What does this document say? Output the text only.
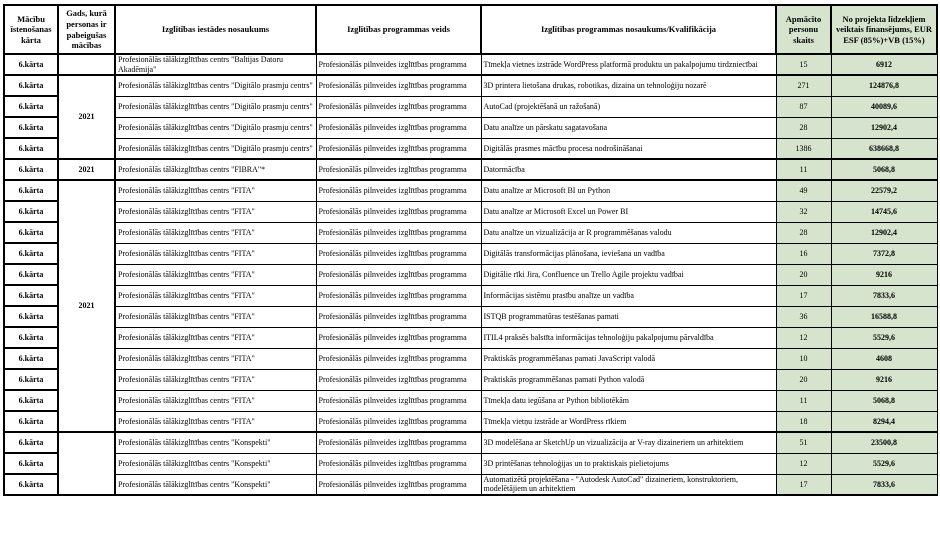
Mācību īstenošanas kārta	Gads, kurā personas ir pabeigušas mācības	Izglītības iestādes nosaukums	Izglītības programmas veids	Izglītības programmas nosaukums/Kvalifikācija	Apmācīto personu skaits	No projekta līdzekļiem veiktais finansējums, EUR ESF (85%)+VB (15%)
6.kārta		Profesionālās tālākizglītības centrs "Baltijas Datoru Akadēmija"	Profesionālās pilnveides izglītības programma	Tīmekļa vietnes izstrāde WordPress platformā produktu un pakalpojumu tirdzniecībai	15	6912
6.kārta	2021	Profesionālās tālākizglītības centrs "Digitālo prasmju centrs"	Profesionālās pilnveides izglītības programma	3D printera lietošana drukas, robotikas, dizaina un tehnoloģiju nozarē	271	124876,8
6.kārta		Profesionālās tālākizglītības centrs "Digitālo prasmju centrs"	Profesionālās pilnveides izglītības programma	AutoCad (projektēšanā un ražošanā)	87	40089,6
6.kārta		Profesionālās tālākizglītības centrs "Digitālo prasmju centrs"	Profesionālās pilnveides izglītības programma	Datu analīze un pārskatu sagatavošana	28	12902,4
6.kārta		Profesionālās tālākizglītības centrs "Digitālo prasmju centrs"	Profesionālās pilnveides izglītības programma	Digitālās prasmes mācību procesa nodrošināšanai	1386	638668,8
6.kārta	2021	Profesionālās tālākizglītības centrs "FIBRA"*	Profesionālās pilnveides izglītības programma	Datormācība	11	5068,8
6.kārta	2021	Profesionālās tālākizglītības centrs "FITA"	Profesionālās pilnveides izglītības programma	Datu analīze ar Microsoft BI un Python	49	22579,2
6.kārta		Profesionālās tālākizglītības centrs "FITA"	Profesionālās pilnveides izglītības programma	Datu analīze ar Microsoft Excel un Power BI	32	14745,6
6.kārta		Profesionālās tālākizglītības centrs "FITA"	Profesionālās pilnveides izglītības programma	Datu analīze un vizualizācija ar R programmēšanas valodu	28	12902,4
6.kārta		Profesionālās tālākizglītības centrs "FITA"	Profesionālās pilnveides izglītības programma	Digitālās transformācijas plānošana, ieviešana un vadība	16	7372,8
6.kārta		Profesionālās tālākizglītības centrs "FITA"	Profesionālās pilnveides izglītības programma	Digitālie rīki Jira, Confluence un Trello Agile projektu vadībai	20	9216
6.kārta		Profesionālās tālākizglītības centrs "FITA"	Profesionālās pilnveides izglītības programma	Informācijas sistēmu prasību analīze un vadība	17	7833,6
6.kārta		Profesionālās tālākizglītības centrs "FITA"	Profesionālās pilnveides izglītības programma	ISTQB programmatūras testēšanas pamati	36	16588,8
6.kārta		Profesionālās tālākizglītības centrs "FITA"	Profesionālās pilnveides izglītības programma	ITIL4 praksēs balstīta informācijas tehnoloģiju pakalpojumu pārvaldība	12	5529,6
6.kārta		Profesionālās tālākizglītības centrs "FITA"	Profesionālās pilnveides izglītības programma	Praktiskās programmēšanas pamati JavaScript valodā	10	4608
6.kārta		Profesionālās tālākizglītības centrs "FITA"	Profesionālās pilnveides izglītības programma	Praktiskās programmēšanas pamati Python valodā	20	9216
6.kārta		Profesionālās tālākizglītības centrs "FITA"	Profesionālās pilnveides izglītības programma	Tīmekļa datu iegūšana ar Python bibliotēkām	11	5068,8
6.kārta		Profesionālās tālākizglītības centrs "FITA"	Profesionālās pilnveides izglītības programma	Tīmekļa vietņu izstrāde ar WordPress rīkiem	18	8294,4
6.kārta		Profesionālās tālākizglītības centrs "Konspekti"	Profesionālās pilnveides izglītības programma	3D modelēšana ar SketchUp un vizualizācija ar V-ray dizaineriem un arhitektiem	51	23500,8
6.kārta		Profesionālās tālākizglītības centrs "Konspekti"	Profesionālās pilnveides izglītības programma	3D printēšanas tehnoloģijas un to praktiskais pielietojums	12	5529,6
6.kārta		Profesionālās tālākizglītības centrs "Konspekti"	Profesionālās pilnveides izglītības programma	Automatizētā projektēšana - "Autodesk AutoCad" dizaineriem, konstruktoriem, modelētājiem un arhitektiem	17	7833,6
